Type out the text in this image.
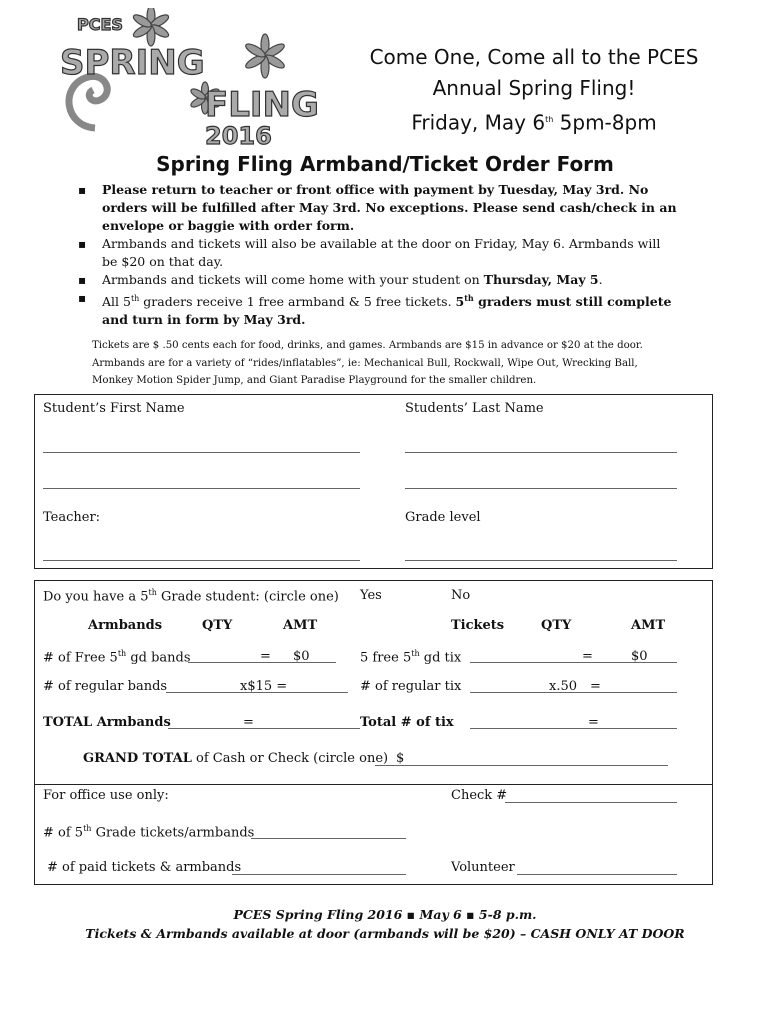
PCES
SPRING
FLING
2016
Come One, Come all to the PCES
Annual Spring Fling!
Friday, May 6th 5pm-8pm
Spring Fling Armband/Ticket Order Form
▪ Please return to teacher or front office with payment by Tuesday, May 3rd. No orders will be fulfilled after May 3rd. No exceptions. Please send cash/check in an envelope or baggie with order form.
▪ Armbands and tickets will also be available at the door on Friday, May 6. Armbands will be $20 on that day.
▪ Armbands and tickets will come home with your student on Thursday, May 5.
▪ All 5th graders receive 1 free armband & 5 free tickets. 5th graders must still complete and turn in form by May 3rd.
Tickets are $ .50 cents each for food, drinks, and games. Armbands are $15 in advance or $20 at the door.
Armbands are for a variety of “rides/inflatables”, ie: Mechanical Bull, Rockwall, Wipe Out, Wrecking Ball,
Monkey Motion Spider Jump, and Giant Paradise Playground for the smaller children.
Student’s First Name	Students’ Last Name
Teacher:	Grade level
Do you have a 5th Grade student: (circle one) Yes	No
Armbands	QTY	AMT	Tickets	QTY	AMT
# of Free 5th gd bands	= $0	5 free 5th gd tix	=	$0
# of regular bands	x$15 =	# of regular tix	x.50 =
TOTAL Armbands	=	Total # of tix	=
GRAND TOTAL of Cash or Check (circle one) $
For office use only:	Check #
# of 5th Grade tickets/armbands
# of paid tickets & armbands	Volunteer
PCES Spring Fling 2016 ▪ May 6 ▪ 5-8 p.m.
Tickets & Armbands available at door (armbands will be $20) – CASH ONLY AT DOOR
